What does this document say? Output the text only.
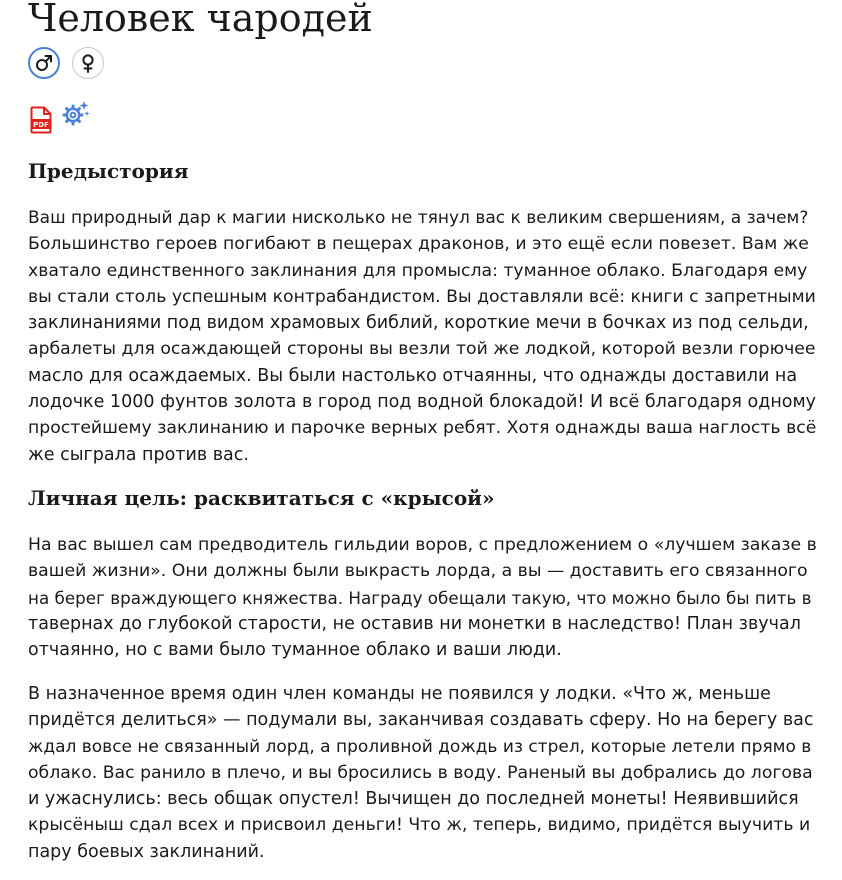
Человек чародей
PDF
Предыстория

Ваш природный дар к магии нисколько не тянул вас к великим свершениям, а зачем?
Большинство героев погибают в пещерах драконов, и это ещё если повезет. Вам же
хватало единственного заклинания для промысла: туманное облако. Благодаря ему
вы стали столь успешным контрабандистом. Вы доставляли всё: книги с запретными
заклинаниями под видом храмовых библий, короткие мечи в бочках из под сельди,
арбалеты для осаждающей стороны вы везли той же лодкой, которой везли горючее
масло для осаждаемых. Вы были настолько отчаянны, что однажды доставили на
лодочке 1000 фунтов золота в город под водной блокадой! И всё благодаря одному
простейшему заклинанию и парочке верных ребят. Хотя однажды ваша наглость всё
же сыграла против вас.

Личная цель: расквитаться с «крысой»

На вас вышел сам предводитель гильдии воров, с предложением о «лучшем заказе в
вашей жизни». Они должны были выкрасть лорда, а вы — доставить его связанного
на берег враждующего княжества. Награду обещали такую, что можно было бы пить в
тавернах до глубокой старости, не оставив ни монетки в наследство! План звучал
отчаянно, но с вами было туманное облако и ваши люди.

В назначенное время один член команды не появился у лодки. «Что ж, меньше
придётся делиться» — подумали вы, заканчивая создавать сферу. Но на берегу вас
ждал вовсе не связанный лорд, а проливной дождь из стрел, которые летели прямо в
облако. Вас ранило в плечо, и вы бросились в воду. Раненый вы добрались до логова
и ужаснулись: весь общак опустел! Вычищен до последней монеты! Неявившийся
крысёныш сдал всех и присвоил деньги! Что ж, теперь, видимо, придётся выучить и
пару боевых заклинаний.
